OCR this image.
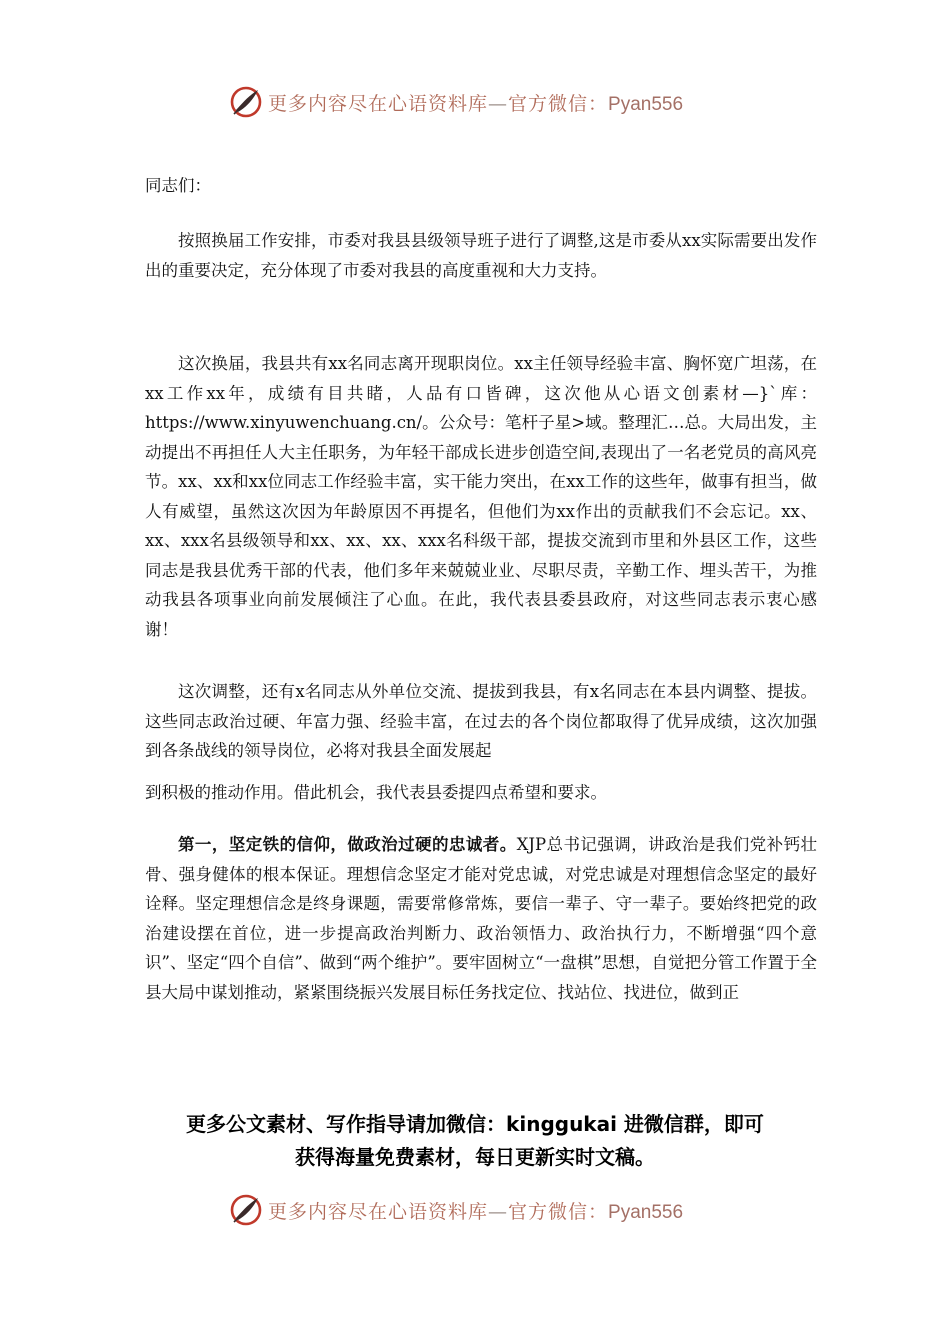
更多内容尽在心语资料库—官方微信：Pyan556
同志们：

按照换届工作安排，市委对我县县级领导班子进行了调整,这是市委从xx实际需要出发作出的重要决定，充分体现了市委对我县的高度重视和大力支持。

这次换届，我县共有xx名同志离开现职岗位。xx主任领导经验丰富、胸怀宽广坦荡，在xx工作xx年，成绩有目共睹，人品有口皆碑，这次他从心语文创素材—}`库：https://www.xinyuwenchuang.cn/。公众号：笔杆子星>域。整理汇…总。大局出发，主动提出不再担任人大主任职务，为年轻干部成长进步创造空间,表现出了一名老党员的高风亮节。xx、xx和xx位同志工作经验丰富，实干能力突出，在xx工作的这些年，做事有担当，做人有威望，虽然这次因为年龄原因不再提名，但他们为xx作出的贡献我们不会忘记。xx、xx、xxx名县级领导和xx、xx、xx、xxx名科级干部，提拔交流到市里和外县区工作，这些同志是我县优秀干部的代表，他们多年来兢兢业业、尽职尽责，辛勤工作、埋头苦干，为推动我县各项事业向前发展倾注了心血。在此，我代表县委县政府，对这些同志表示衷心感谢！

这次调整，还有x名同志从外单位交流、提拔到我县，有x名同志在本县内调整、提拔。这些同志政治过硬、年富力强、经验丰富，在过去的各个岗位都取得了优异成绩，这次加强到各条战线的领导岗位，必将对我县全面发展起

到积极的推动作用。借此机会，我代表县委提四点希望和要求。

第一，坚定铁的信仰，做政治过硬的忠诚者。XJP总书记强调，讲政治是我们党补钙壮骨、强身健体的根本保证。理想信念坚定才能对党忠诚，对党忠诚是对理想信念坚定的最好诠释。坚定理想信念是终身课题，需要常修常炼，要信一辈子、守一辈子。要始终把党的政治建设摆在首位，进一步提高政治判断力、政治领悟力、政治执行力，不断增强“四个意识”、坚定“四个自信”、做到“两个维护”。要牢固树立“一盘棋”思想，自觉把分管工作置于全县大局中谋划推动，紧紧围绕振兴发展目标任务找定位、找站位、找进位，做到正

更多公文素材、写作指导请加微信：kinggukai 进微信群，即可
获得海量免费素材，每日更新实时文稿。
更多内容尽在心语资料库—官方微信：Pyan556
